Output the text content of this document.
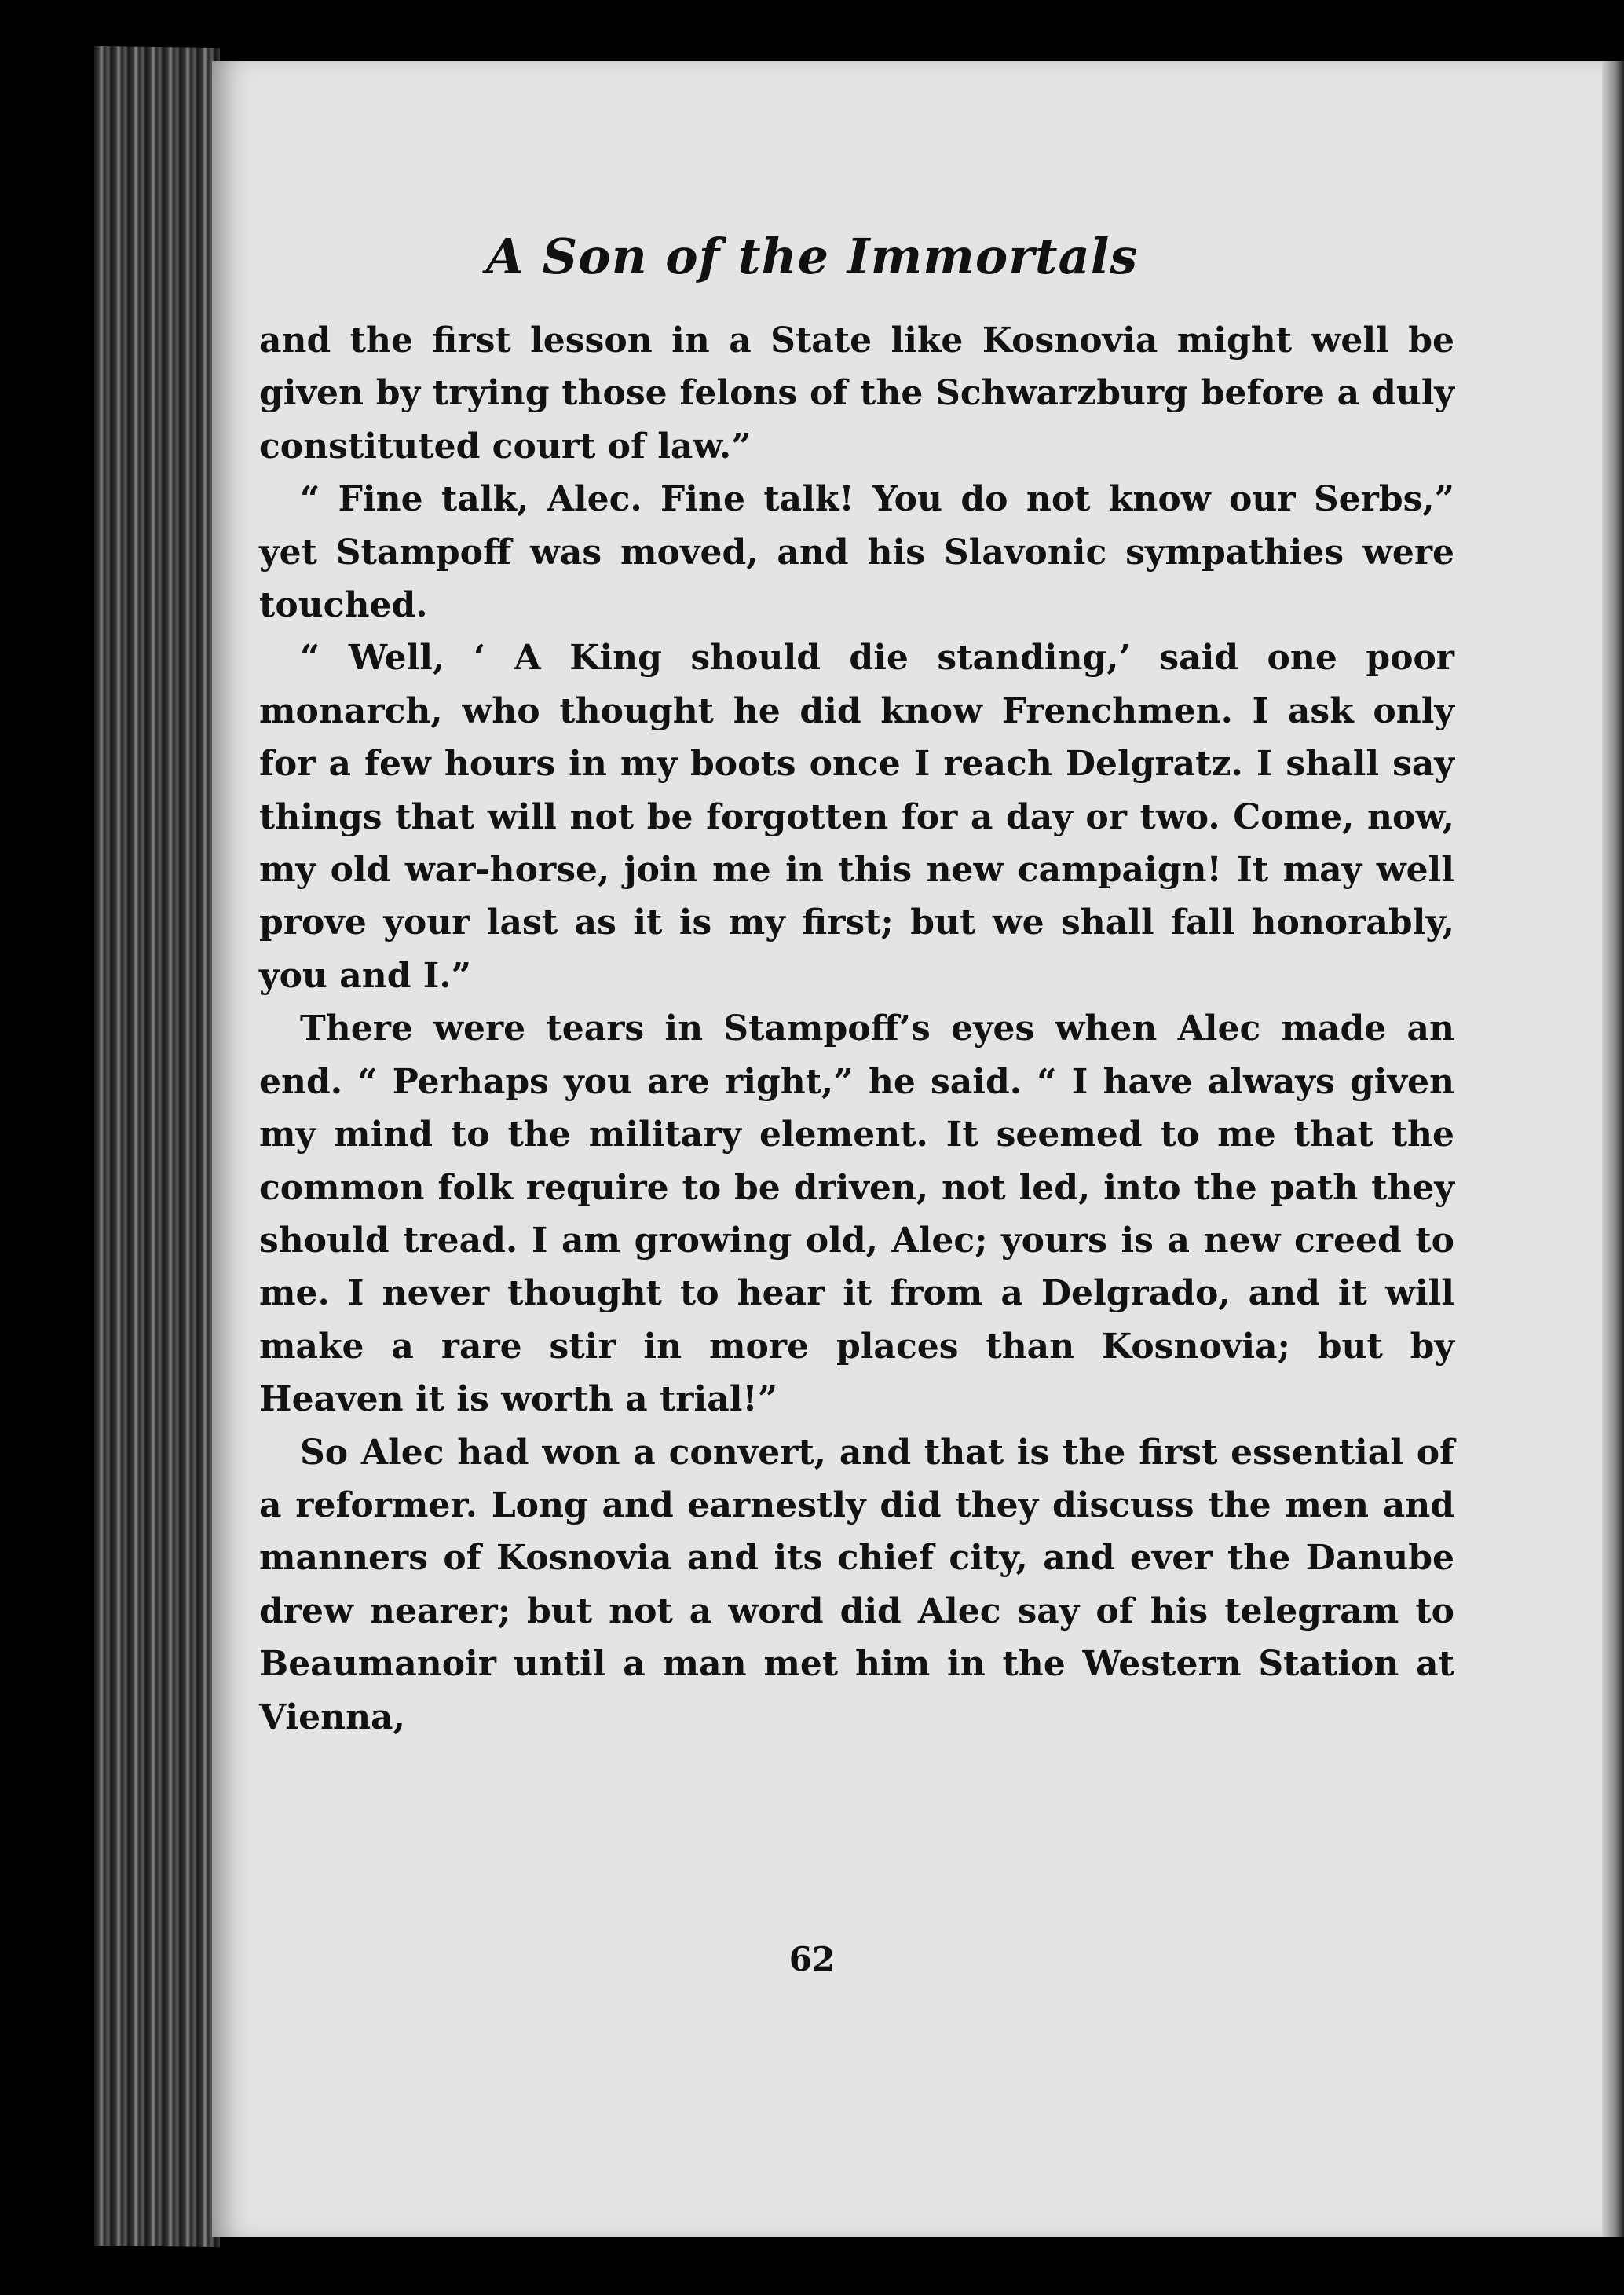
A Son of the Immortals

and the first lesson in a State like Kosnovia might well be given by trying those felons of the Schwarzburg before a duly constituted court of law.”

“ Fine talk, Alec. Fine talk! You do not know our Serbs,” yet Stampoff was moved, and his Slavonic sympathies were touched.

“ Well, ‘ A King should die standing,’ said one poor monarch, who thought he did know Frenchmen. I ask only for a few hours in my boots once I reach Delgratz. I shall say things that will not be forgotten for a day or two. Come, now, my old war-horse, join me in this new campaign! It may well prove your last as it is my first; but we shall fall honorably, you and I.”

There were tears in Stampoff’s eyes when Alec made an end. “ Perhaps you are right,” he said. “ I have always given my mind to the military element. It seemed to me that the common folk require to be driven, not led, into the path they should tread. I am growing old, Alec; yours is a new creed to me. I never thought to hear it from a Delgrado, and it will make a rare stir in more places than Kosnovia; but by Heaven it is worth a trial!”

So Alec had won a convert, and that is the first essential of a reformer. Long and earnestly did they discuss the men and manners of Kosnovia and its chief city, and ever the Danube drew nearer; but not a word did Alec say of his telegram to Beaumanoir until a man met him in the Western Station at Vienna,

62
